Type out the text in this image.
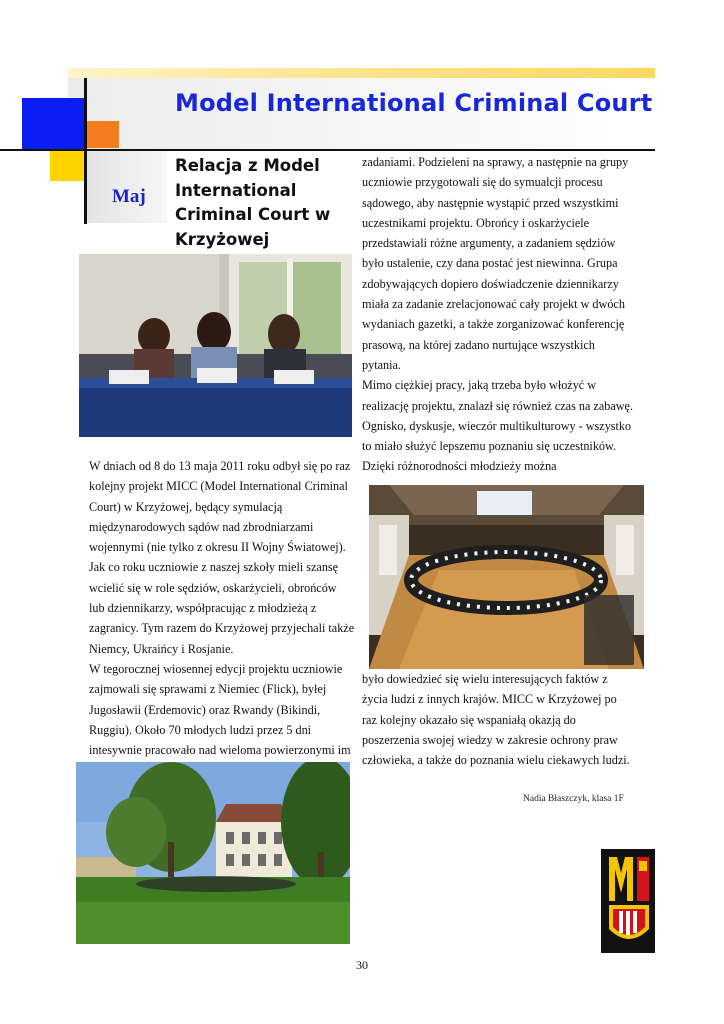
Model International Criminal Court
Maj
Relacja z Model International Criminal Court w Krzyżowej

W dniach od 8 do 13 maja 2011 roku odbył się po raz kolejny projekt MICC (Model International Criminal Court) w Krzyżowej, będący symulacją międzynarodowych sądów nad zbrodniarzami wojennymi (nie tylko z okresu II Wojny Światowej). Jak co roku uczniowie z naszej szkoły mieli szansę wcielić się w role sędziów, oskarżycieli, obrońców lub dziennikarzy, współpracując z młodzieżą z zagranicy. Tym razem do Krzyżowej przyjechali także Niemcy, Ukraińcy i Rosjanie.

W tegorocznej wiosennej edycji projektu uczniowie zajmowali się sprawami z Niemiec (Flick), byłej Jugosławii (Erdemovic) oraz Rwandy (Bikindi, Ruggiu). Około 70 młodych ludzi przez 5 dni intesywnie pracowało nad wieloma powierzonymi im

zadaniami. Podzieleni na sprawy, a następnie na grupy uczniowie przygotowali się do symualcji procesu sądowego, aby następnie wystąpić przed wszystkimi uczestnikami projektu. Obrońcy i oskarżyciele przedstawiali różne argumenty, a zadaniem sędziów było ustalenie, czy dana postać jest niewinna. Grupa zdobywających dopiero doświadczenie dziennikarzy miała za zadanie zrelacjonować cały projekt w dwóch wydaniach gazetki, a także zorganizować konferencję prasową, na której zadano nurtujące wszystkich pytania.

Mimo ciężkiej pracy, jaką trzeba było włożyć w realizację projektu, znalazł się również czas na zabawę. Ognisko, dyskusje, wieczór multikulturowy - wszystko to miało służyć lepszemu poznaniu się uczestników. Dzięki różnorodności młodzieży można

było dowiedzieć się wielu interesujących faktów z życia ludzi z innych krajów. MICC w Krzyżowej po raz kolejny okazało się wspaniałą okazją do poszerzenia swojej wiedzy w zakresie ochrony praw człowieka, a także do poznania wielu ciekawych ludzi.

Nadia Błaszczyk, klasa 1F
30
